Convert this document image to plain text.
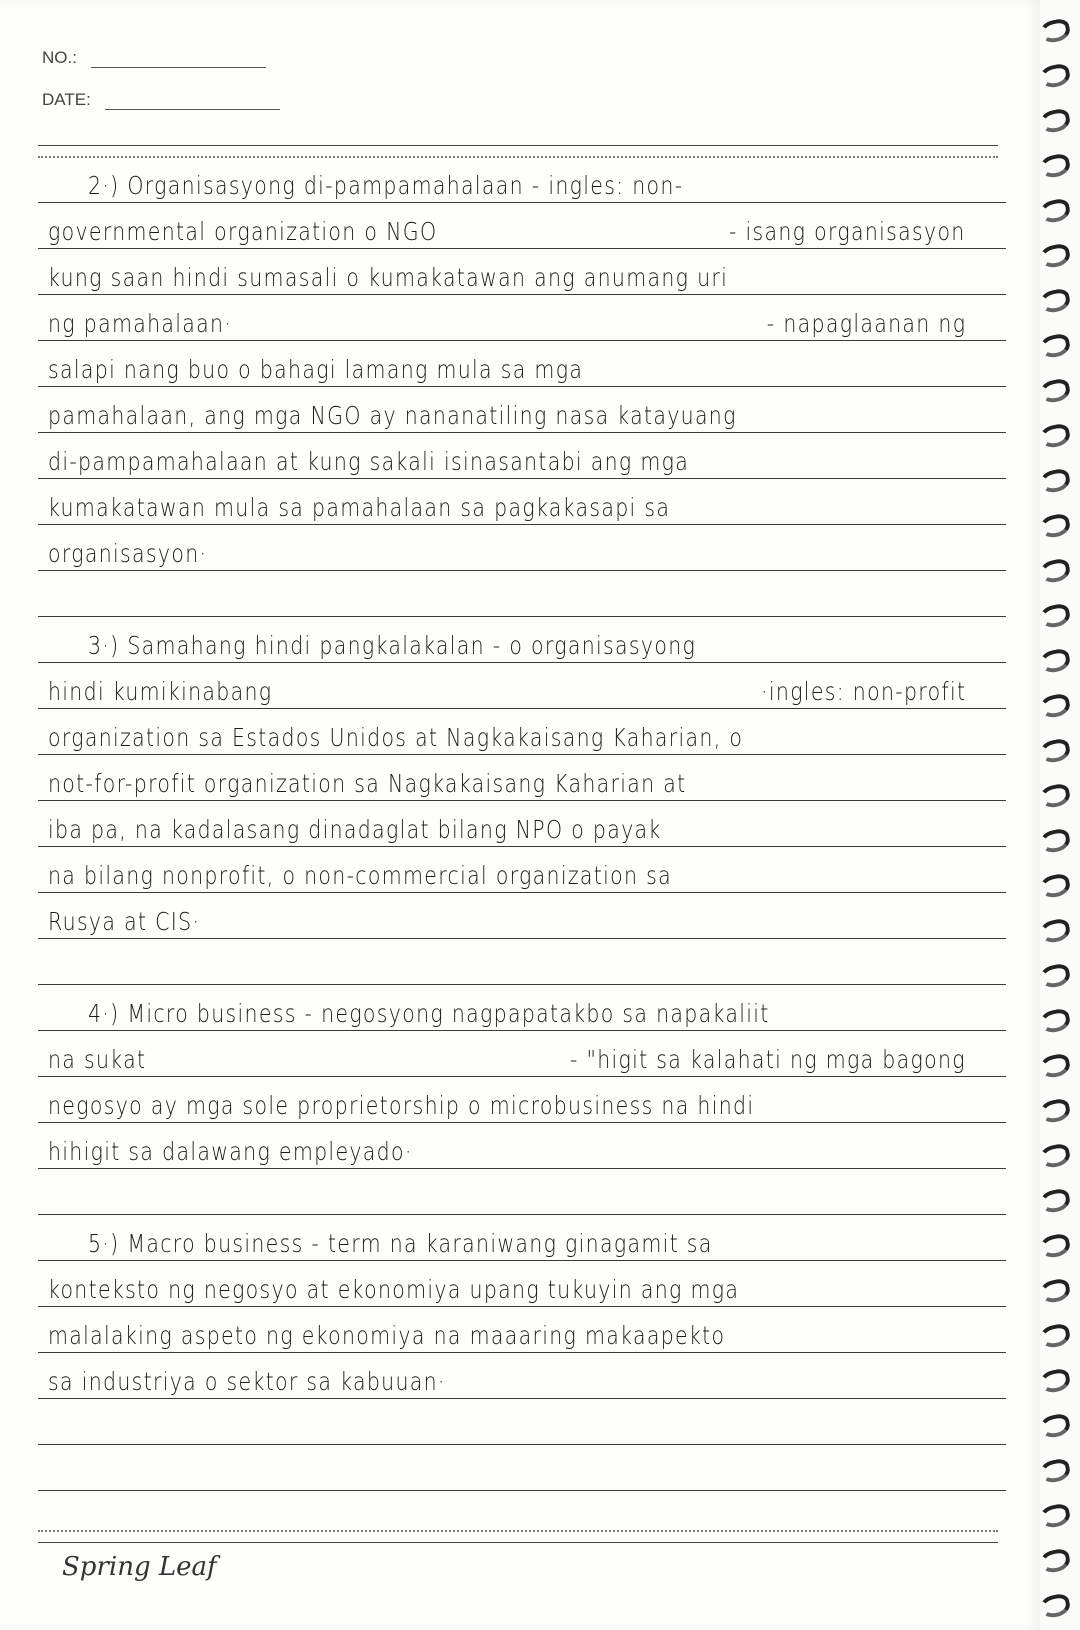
NO.:
DATE:
2·) Organisasyong di-pampamahalaan - ingles: non-
governmental organization o NGO	- isang organisasyon
kung saan hindi sumasali o kumakatawan ang anumang uri
ng pamahalaan·	- napaglaanan ng
salapi nang buo o bahagi lamang mula sa mga
pamahalaan, ang mga NGO ay nananatiling nasa katayuang
di-pampamahalaan at kung sakali isinasantabi ang mga
kumakatawan mula sa pamahalaan sa pagkakasapi sa
organisasyon·
3·) Samahang hindi pangkalakalan - o organisasyong
hindi kumikinabang	·ingles: non-profit
organization sa Estados Unidos at Nagkakaisang Kaharian, o
not-for-profit organization sa Nagkakaisang Kaharian at
iba pa, na kadalasang dinadaglat bilang NPO o payak
na bilang nonprofit, o non-commercial organization sa
Rusya at CIS·
4·) Micro business - negosyong nagpapatakbo sa napakaliit
na sukat	- "higit sa kalahati ng mga bagong
negosyo ay mga sole proprietorship o microbusiness na hindi
hihigit sa dalawang empleyado·
5·) Macro business - term na karaniwang ginagamit sa
konteksto ng negosyo at ekonomiya upang tukuyin ang mga
malalaking aspeto ng ekonomiya na maaaring makaapekto
sa industriya o sektor sa kabuuan·
Spring Leaf
